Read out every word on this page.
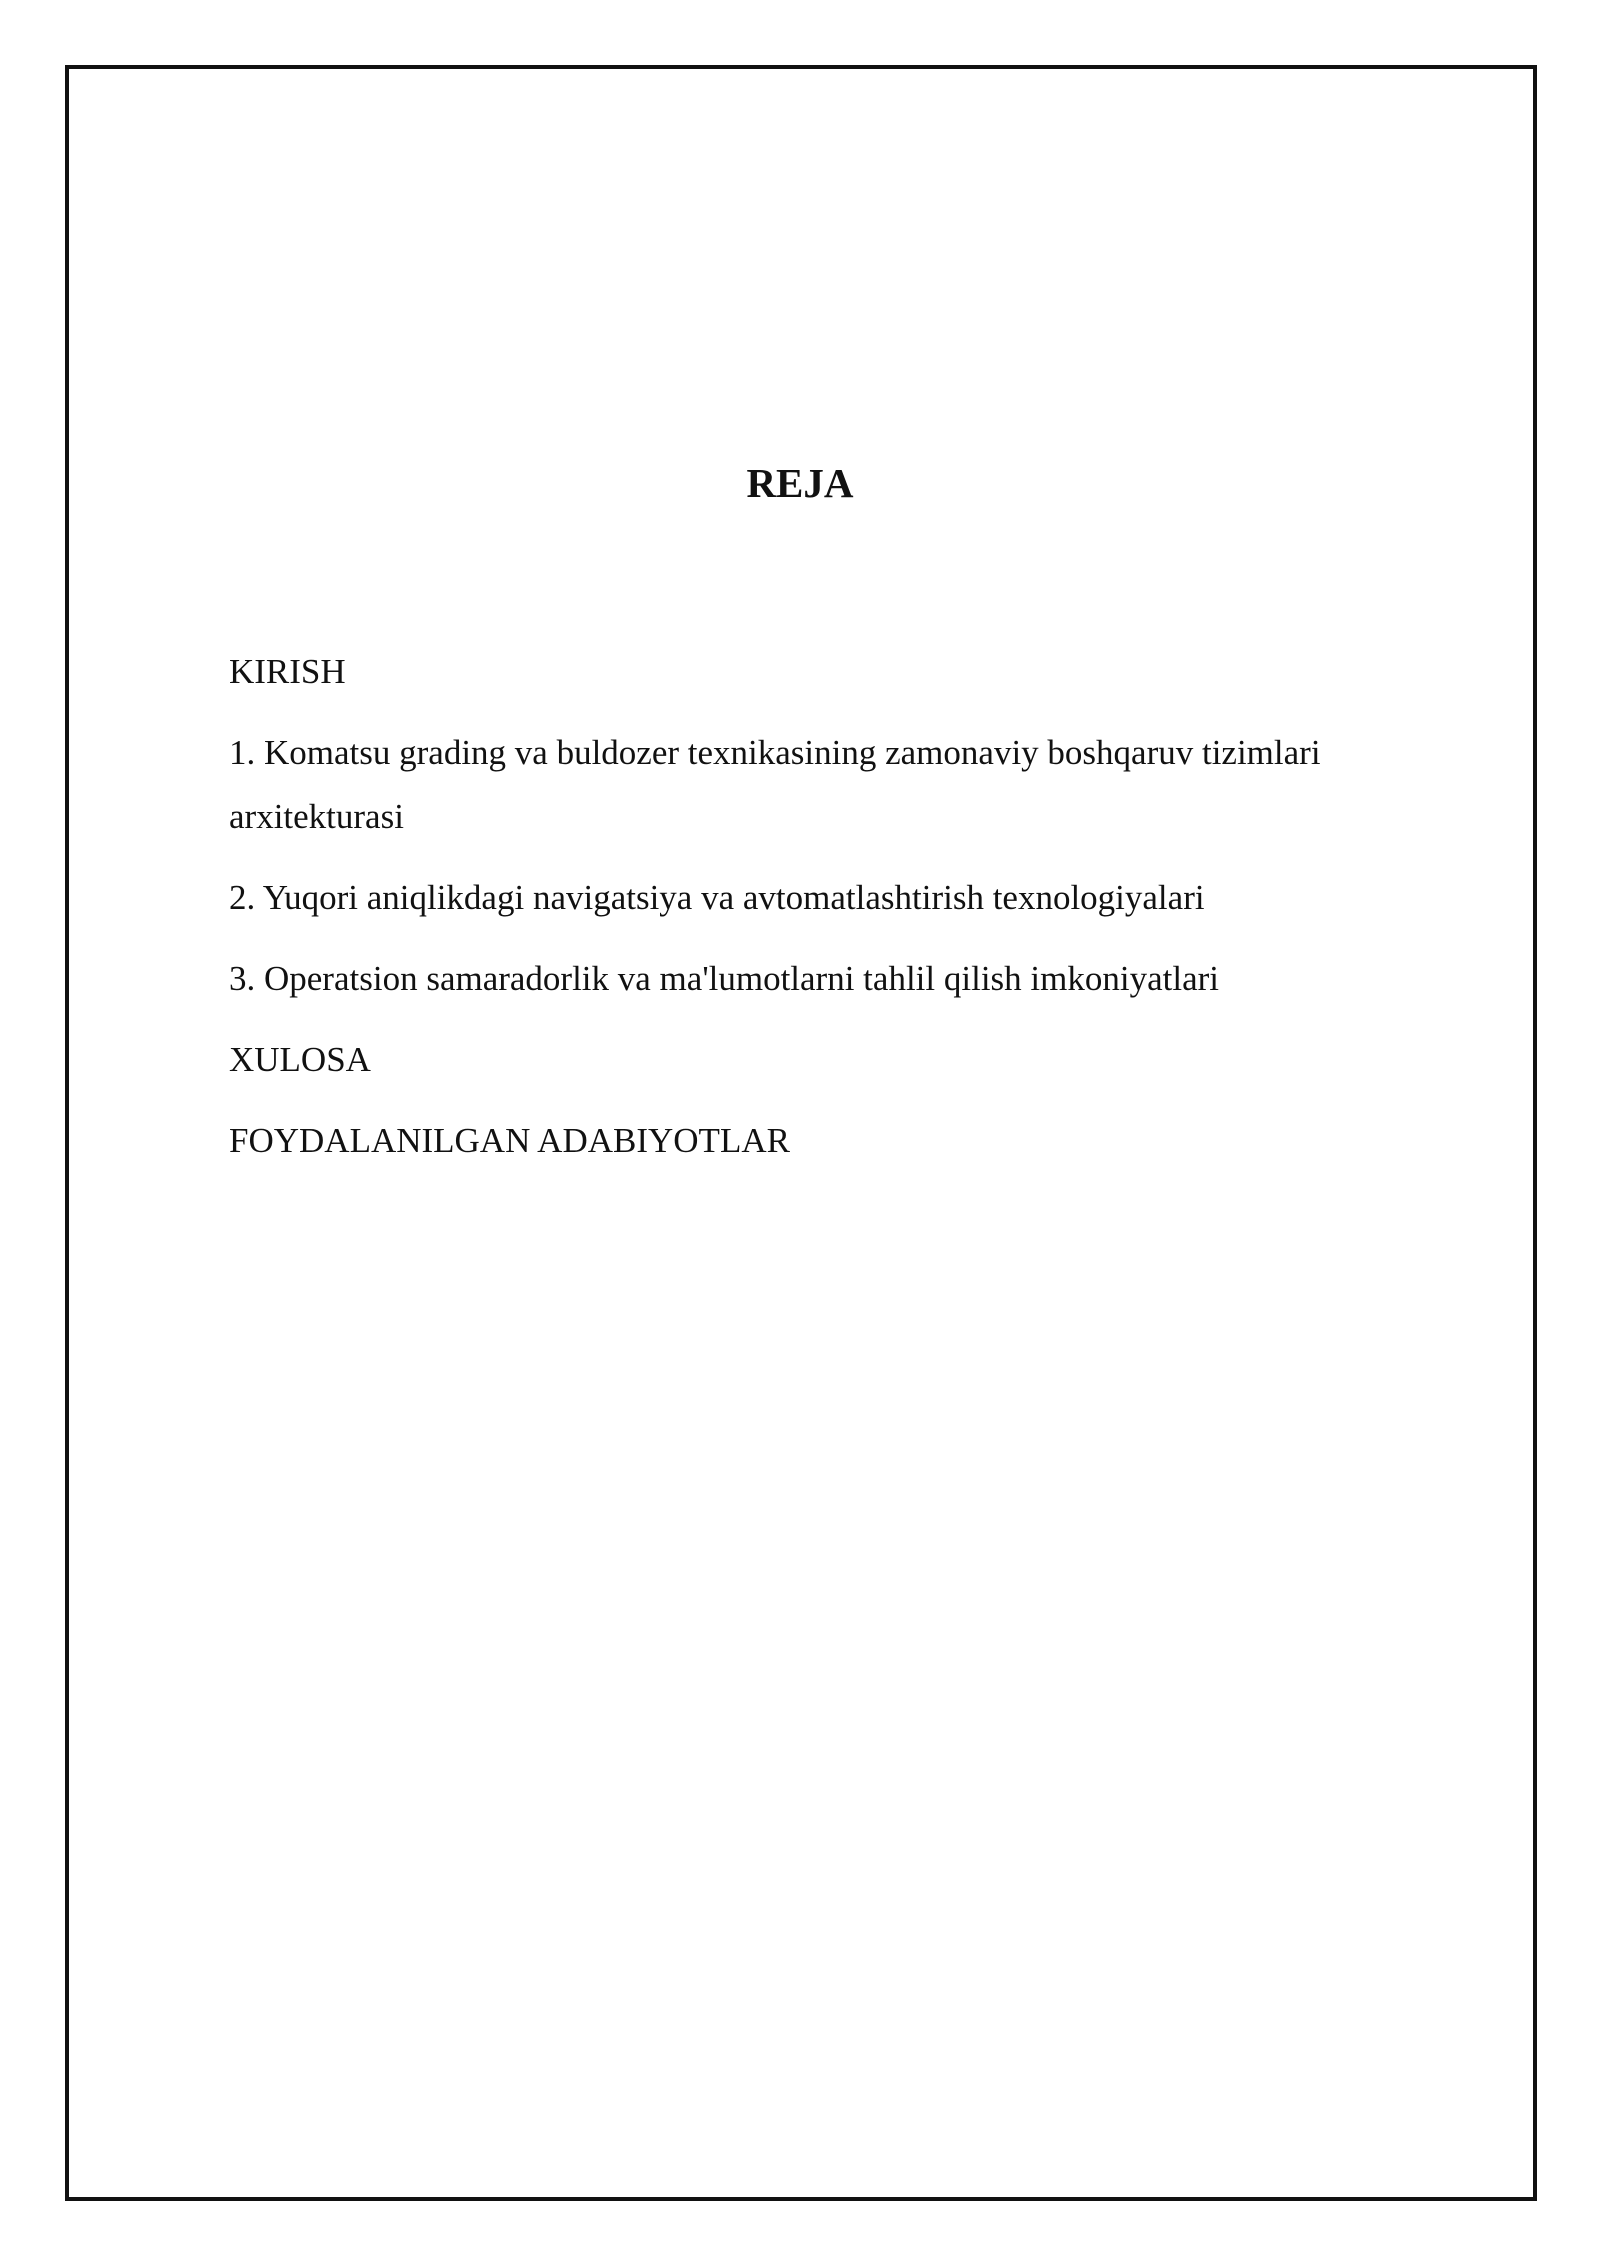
REJA

KIRISH

1. Komatsu grading va buldozer texnikasining zamonaviy boshqaruv tizimlari arxitekturasi

2. Yuqori aniqlikdagi navigatsiya va avtomatlashtirish texnologiyalari

3. Operatsion samaradorlik va ma'lumotlarni tahlil qilish imkoniyatlari

XULOSA

FOYDALANILGAN ADABIYOTLAR
